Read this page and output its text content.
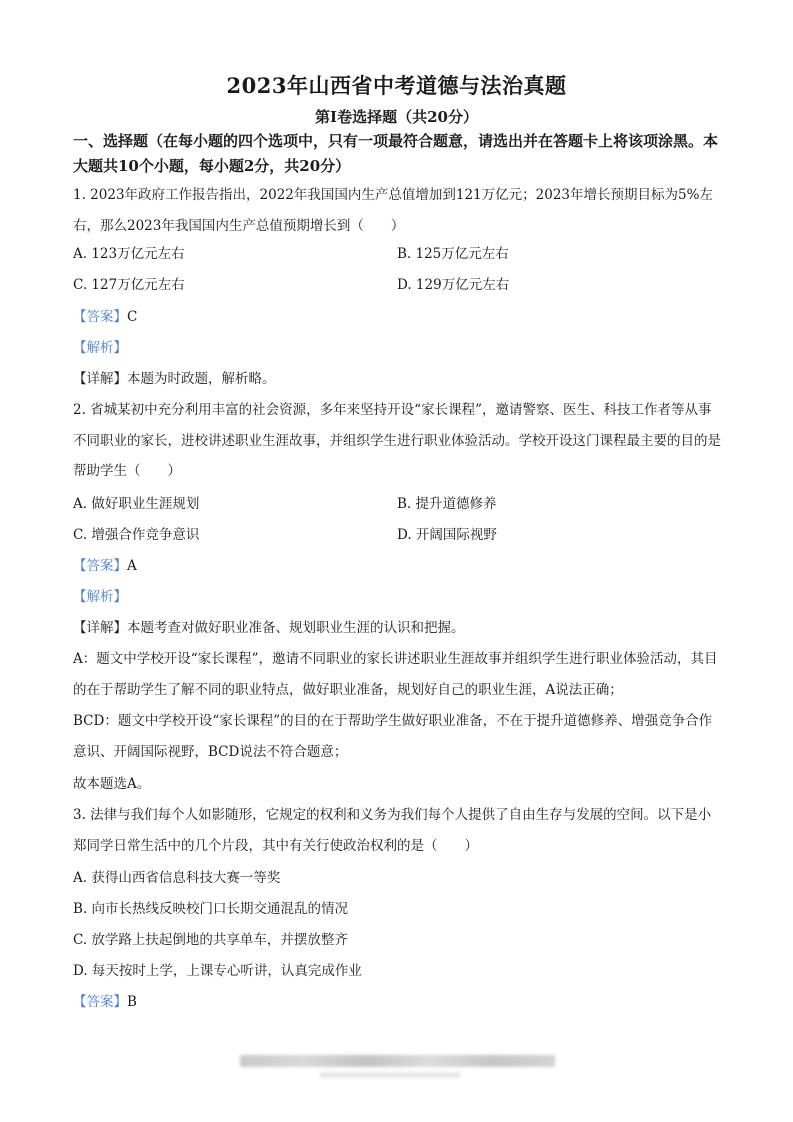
2023年山西省中考道德与法治真题
第Ⅰ卷选择题（共20分）
一、选择题（在每小题的四个选项中，只有一项最符合题意，请选出并在答题卡上将该项涂黑。本大题共10个小题，每小题2分，共20分）
1. 2023年政府工作报告指出，2022年我国国内生产总值增加到121万亿元；2023年增长预期目标为5%左右，那么2023年我国国内生产总值预期增长到（　　）
A. 123万亿元左右	B. 125万亿元左右
C. 127万亿元左右	D. 129万亿元左右
【答案】C
【解析】
【详解】本题为时政题，解析略。
2. 省城某初中充分利用丰富的社会资源，多年来坚持开设“家长课程”，邀请警察、医生、科技工作者等从事不同职业的家长，进校讲述职业生涯故事，并组织学生进行职业体验活动。学校开设这门课程最主要的目的是帮助学生（　　）
A. 做好职业生涯规划	B. 提升道德修养
C. 增强合作竞争意识	D. 开阔国际视野
【答案】A
【解析】
【详解】本题考查对做好职业准备、规划职业生涯的认识和把握。
A：题文中学校开设“家长课程”，邀请不同职业的家长讲述职业生涯故事并组织学生进行职业体验活动，其目的在于帮助学生了解不同的职业特点，做好职业准备，规划好自己的职业生涯，A说法正确；
BCD：题文中学校开设“家长课程”的目的在于帮助学生做好职业准备，不在于提升道德修养、增强竞争合作意识、开阔国际视野，BCD说法不符合题意；
故本题选A。
3. 法律与我们每个人如影随形，它规定的权利和义务为我们每个人提供了自由生存与发展的空间。以下是小郑同学日常生活中的几个片段，其中有关行使政治权利的是（　　）
A. 获得山西省信息科技大赛一等奖
B. 向市长热线反映校门口长期交通混乱的情况
C. 放学路上扶起倒地的共享单车，并摆放整齐
D. 每天按时上学，上课专心听讲，认真完成作业
【答案】B
